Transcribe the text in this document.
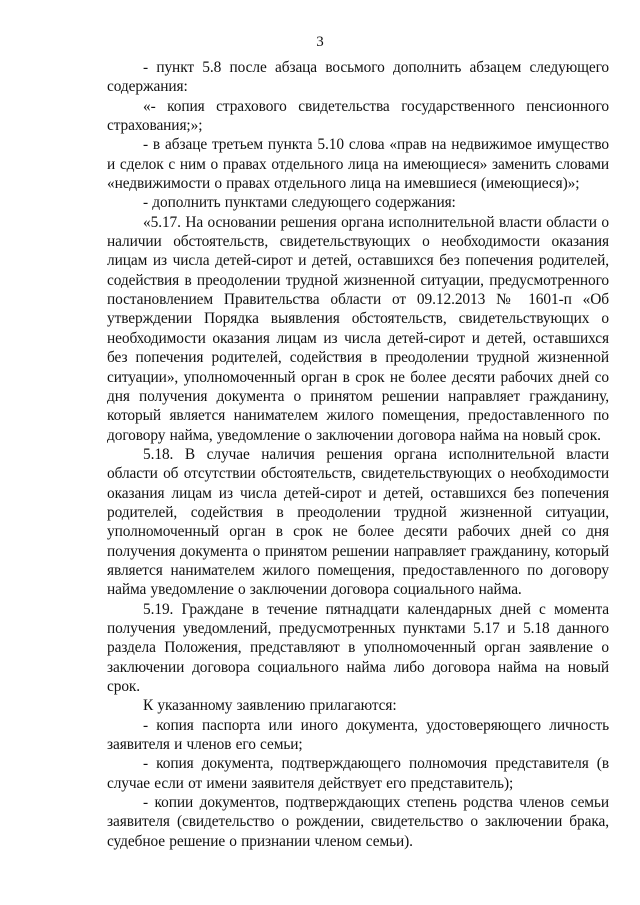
3

- пункт 5.8 после абзаца восьмого дополнить абзацем следующего содержания:

«- копия страхового свидетельства государственного пенсионного страхования;»;

- в абзаце третьем пункта 5.10 слова «прав на недвижимое имущество и сделок с ним о правах отдельного лица на имеющиеся» заменить словами «недвижимости о правах отдельного лица на имевшиеся (имеющиеся)»;

- дополнить пунктами следующего содержания:

«5.17. На основании решения органа исполнительной власти области о наличии обстоятельств, свидетельствующих о необходимости оказания лицам из числа детей-сирот и детей, оставшихся без попечения родителей, содействия в преодолении трудной жизненной ситуации, предусмотренного постановлением Правительства области от 09.12.2013 № 1601-п «Об утверждении Порядка выявления обстоятельств, свидетельствующих о необходимости оказания лицам из числа детей-сирот и детей, оставшихся без попечения родителей, содействия в преодолении трудной жизненной ситуации», уполномоченный орган в срок не более десяти рабочих дней со дня получения документа о принятом решении направляет гражданину, который является нанимателем жилого помещения, предоставленного по договору найма, уведомление о заключении договора найма на новый срок.

5.18. В случае наличия решения органа исполнительной власти области об отсутствии обстоятельств, свидетельствующих о необходимости оказания лицам из числа детей-сирот и детей, оставшихся без попечения родителей, содействия в преодолении трудной жизненной ситуации, уполномоченный орган в срок не более десяти рабочих дней со дня получения документа о принятом решении направляет гражданину, который является нанимателем жилого помещения, предоставленного по договору найма уведомление о заключении договора социального найма.

5.19. Граждане в течение пятнадцати календарных дней с момента получения уведомлений, предусмотренных пунктами 5.17 и 5.18 данного раздела Положения, представляют в уполномоченный орган заявление о заключении договора социального найма либо договора найма на новый срок.

К указанному заявлению прилагаются:

- копия паспорта или иного документа, удостоверяющего личность заявителя и членов его семьи;

- копия документа, подтверждающего полномочия представителя (в случае если от имени заявителя действует его представитель);

- копии документов, подтверждающих степень родства членов семьи заявителя (свидетельство о рождении, свидетельство о заключении брака, судебное решение о признании членом семьи).
